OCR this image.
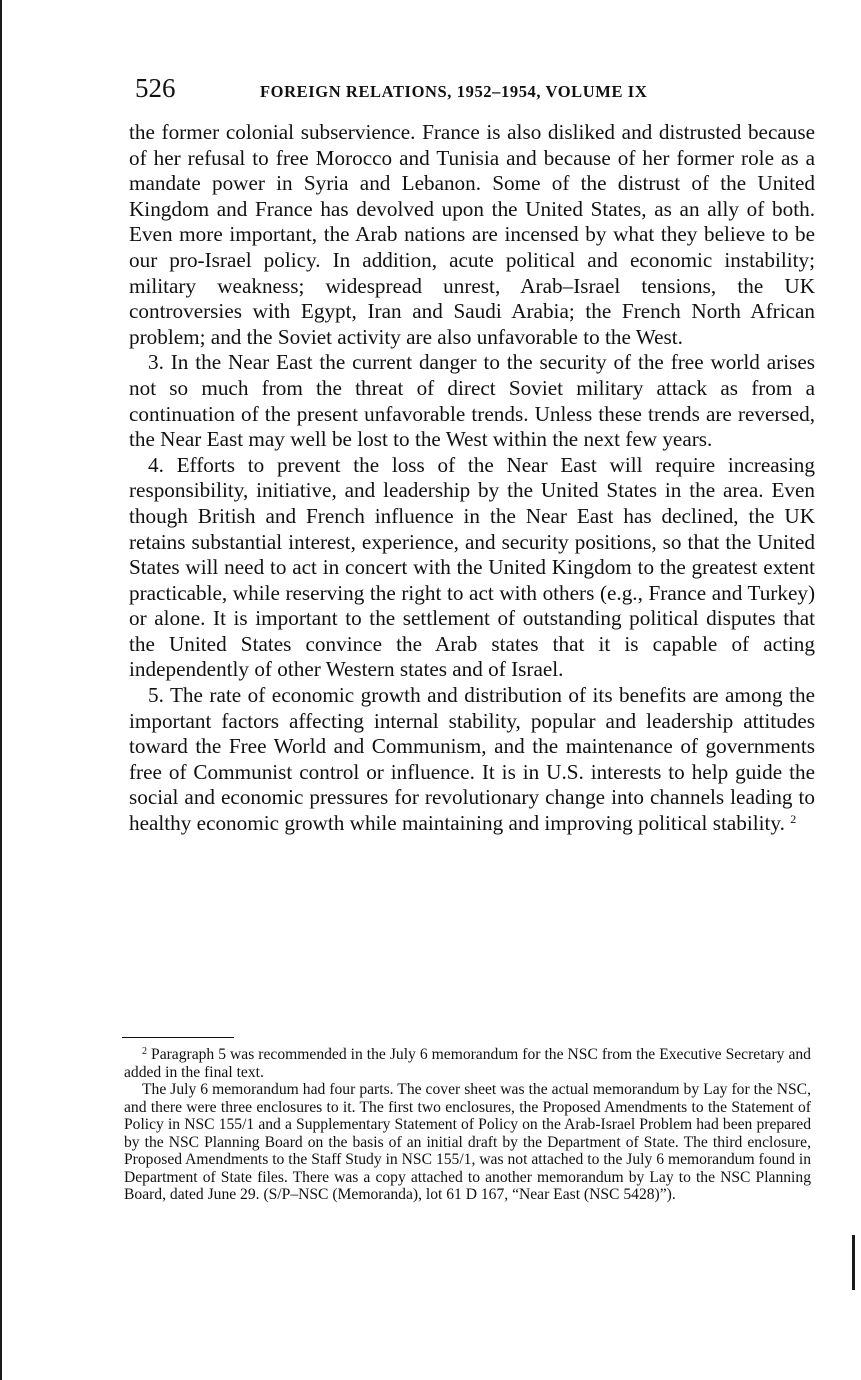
526	FOREIGN RELATIONS, 1952–1954, VOLUME IX

the former colonial subservience. France is also disliked and distrusted because of her refusal to free Morocco and Tunisia and because of her former role as a mandate power in Syria and Lebanon. Some of the distrust of the United Kingdom and France has devolved upon the United States, as an ally of both. Even more important, the Arab nations are incensed by what they believe to be our pro-Israel policy. In addition, acute political and economic instability; military weakness; widespread unrest, Arab–Israel tensions, the UK controversies with Egypt, Iran and Saudi Arabia; the French North African problem; and the Soviet activity are also unfavorable to the West.

3. In the Near East the current danger to the security of the free world arises not so much from the threat of direct Soviet military attack as from a continuation of the present unfavorable trends. Unless these trends are reversed, the Near East may well be lost to the West within the next few years.

4. Efforts to prevent the loss of the Near East will require increasing responsibility, initiative, and leadership by the United States in the area. Even though British and French influence in the Near East has declined, the UK retains substantial interest, experience, and security positions, so that the United States will need to act in concert with the United Kingdom to the greatest extent practicable, while reserving the right to act with others (e.g., France and Turkey) or alone. It is important to the settlement of outstanding political disputes that the United States convince the Arab states that it is capable of acting independently of other Western states and of Israel.

5. The rate of economic growth and distribution of its benefits are among the important factors affecting internal stability, popular and leadership attitudes toward the Free World and Communism, and the maintenance of governments free of Communist control or influence. It is in U.S. interests to help guide the social and economic pressures for revolutionary change into channels leading to healthy economic growth while maintaining and improving political stability. $^2$

$^2$ Paragraph 5 was recommended in the July 6 memorandum for the NSC from the Executive Secretary and added in the final text.

The July 6 memorandum had four parts. The cover sheet was the actual memorandum by Lay for the NSC, and there were three enclosures to it. The first two enclosures, the Proposed Amendments to the Statement of Policy in NSC 155/1 and a Supplementary Statement of Policy on the Arab-Israel Problem had been prepared by the NSC Planning Board on the basis of an initial draft by the Department of State. The third enclosure, Proposed Amendments to the Staff Study in NSC 155/1, was not attached to the July 6 memorandum found in Department of State files. There was a copy attached to another memorandum by Lay to the NSC Planning Board, dated June 29. (S/P–NSC (Memoranda), lot 61 D 167, “Near East (NSC 5428)”).
